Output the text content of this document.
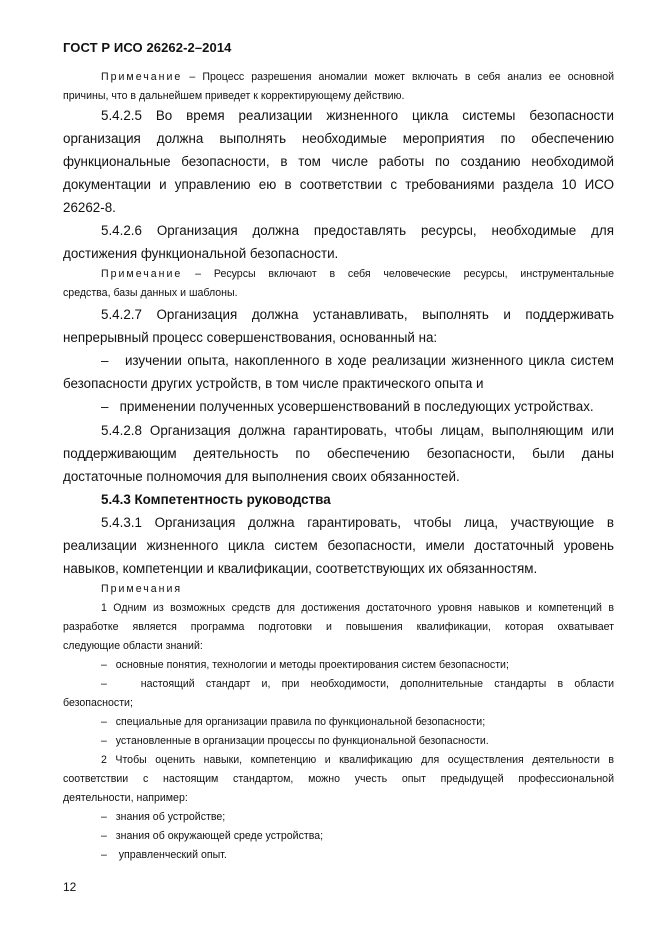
ГОСТ Р ИСО 26262-2–2014

Примечание – Процесс разрешения аномалии может включать в себя анализ ее основной

причины, что в дальнейшем приведет к корректирующему действию.

5.4.2.5 Во время реализации жизненного цикла системы безопасности

организация должна выполнять необходимые мероприятия по обеспечению

функциональные безопасности, в том числе работы по созданию необходимой

документации и управлению ею в соответствии с требованиями раздела 10 ИСО

26262-8.

5.4.2.6 Организация должна предоставлять ресурсы, необходимые для

достижения функциональной безопасности.

Примечание – Ресурсы включают в себя человеческие ресурсы, инструментальные

средства, базы данных и шаблоны.

5.4.2.7 Организация должна устанавливать, выполнять и поддерживать

непрерывный процесс совершенствования, основанный на:

– изучении опыта, накопленного в ходе реализации жизненного цикла систем

безопасности других устройств, в том числе практического опыта и

– применении полученных усовершенствований в последующих устройствах.

5.4.2.8 Организация должна гарантировать, чтобы лицам, выполняющим или

поддерживающим деятельность по обеспечению безопасности, были даны

достаточные полномочия для выполнения своих обязанностей.

5.4.3 Компетентность руководства

5.4.3.1 Организация должна гарантировать, чтобы лица, участвующие в

реализации жизненного цикла систем безопасности, имели достаточный уровень

навыков, компетенции и квалификации, соответствующих их обязанностям.

Примечания

1 Одним из возможных средств для достижения достаточного уровня навыков и компетенций в

разработке является программа подготовки и повышения квалификации, которая охватывает

следующие области знаний:

– основные понятия, технологии и методы проектирования систем безопасности;

–	настоящий стандарт и, при необходимости, дополнительные стандарты в области

безопасности;

– специальные для организации правила по функциональной безопасности;

– установленные в организации процессы по функциональной безопасности.

2 Чтобы оценить навыки, компетенцию и квалификацию для осуществления деятельности в

соответствии с настоящим стандартом, можно учесть опыт предыдущей профессиональной

деятельности, например:

– знания об устройстве;

– знания об окружающей среде устройства;

–    управленческий опыт.

12
